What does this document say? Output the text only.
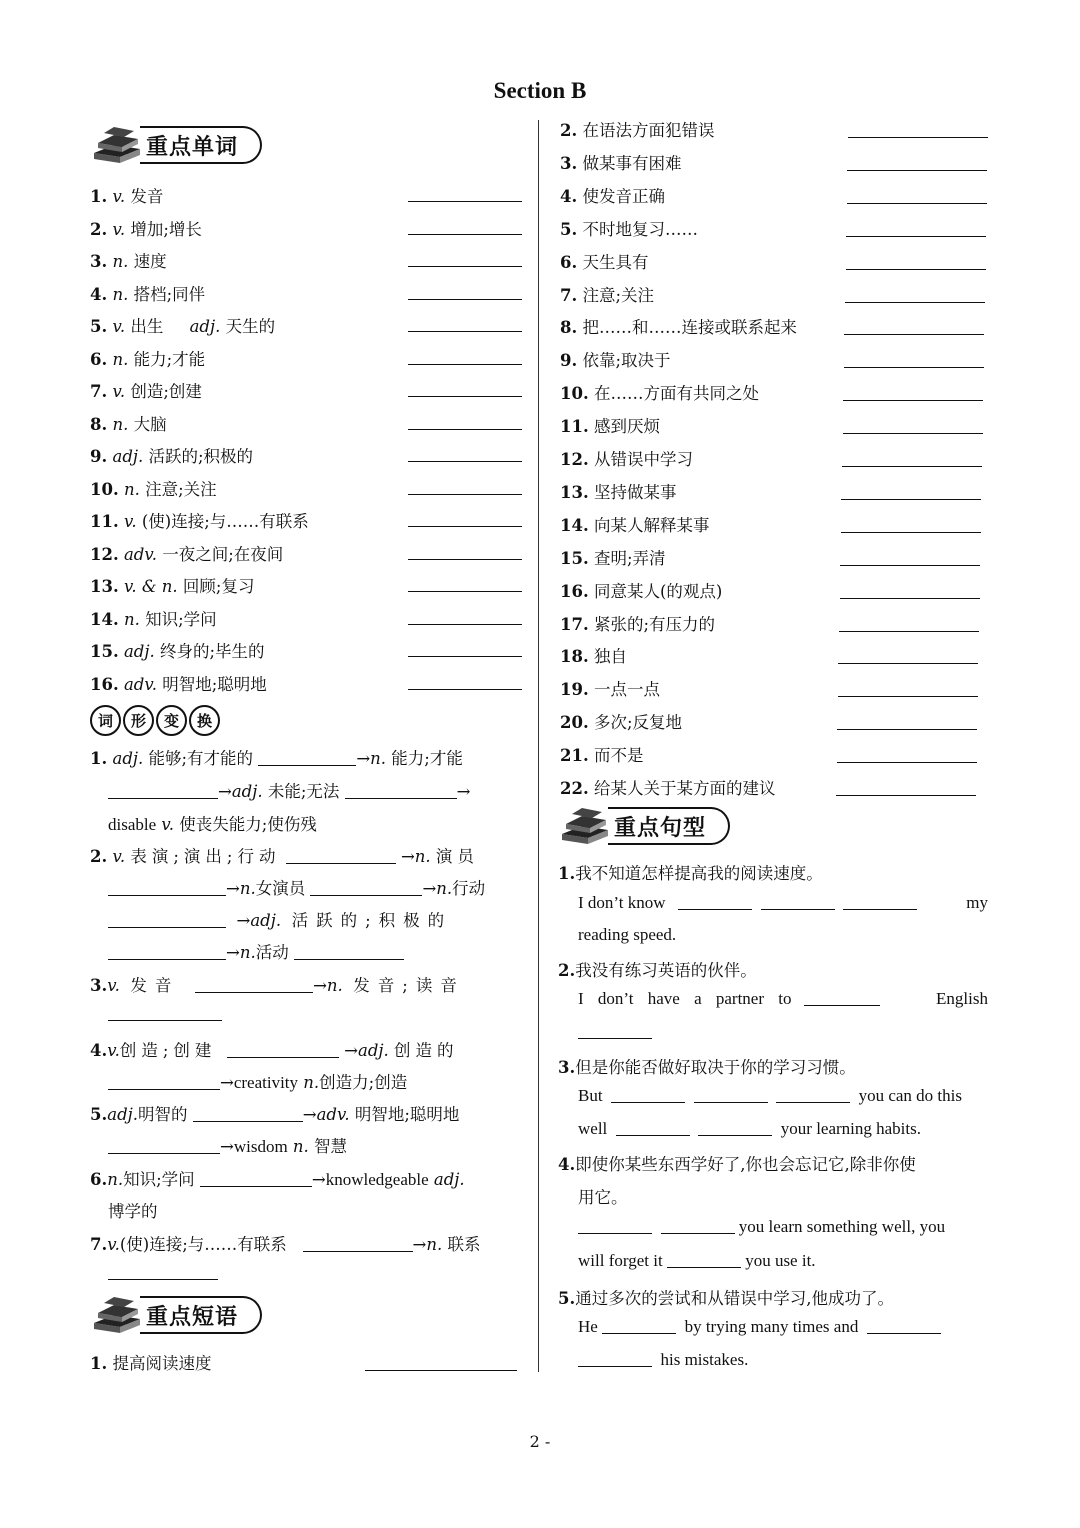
Section B
重点单词
1. v. 发音
2. v. 增加;增长
3. n. 速度
4. n. 搭档;同伴
5. v. 出生 adj. 天生的
6. n. 能力;才能
7. v. 创造;创建
8. n. 大脑
9. adj. 活跃的;积极的
10. n. 注意;关注
11. v. (使)连接;与……有联系
12. adv. 一夜之间;在夜间
13. v. & n. 回顾;复习
14. n. 知识;学问
15. adj. 终身的;毕生的
16. adv. 明智地;聪明地
词	形	变	换
1. adj. 能够;有才能的	→n. 能力;才能
→adj. 未能;无法	→
disable v. 使丧失能力;使伤残
2. v. 表演;演出;行动	→n. 演员
→n.女演员	→n.行动
→adj. 活跃的;积极的
→n.活动
3.v. 发音	→n. 发音;读音
4.v.创造;创建	→adj. 创造的
→creativity n.创造力;创造
5.adj.明智的	→adv. 明智地;聪明地
→wisdom n. 智慧
6.n.知识;学问	→knowledgeable adj.
博学的
7.v.(使)连接;与……有联系	→n. 联系
重点短语
1. 提高阅读速度
2. 在语法方面犯错误
3. 做某事有困难
4. 使发音正确
5. 不时地复习……
6. 天生具有
7. 注意;关注
8. 把……和……连接或联系起来
9. 依靠;取决于
10. 在……方面有共同之处
11. 感到厌烦
12. 从错误中学习
13. 坚持做某事
14. 向某人解释某事
15. 查明;弄清
16. 同意某人(的观点)
17. 紧张的;有压力的
18. 独自
19. 一点一点
20. 多次;反复地
21. 而不是
22. 给某人关于某方面的建议
重点句型
1.我不知道怎样提高我的阅读速度。
I don’t know	my
reading speed.
2.我没有练习英语的伙伴。
I don’t have a partner to	English
3.但是你能否做好取决于你的学习习惯。
But	you can do this
well	your learning habits.
4.即使你某些东西学好了,你也会忘记它,除非你使
用它。
you learn something well, you
will forget it	you use it.
5.通过多次的尝试和从错误中学习,他成功了。
He	by trying many times and
his mistakes.
2 -
